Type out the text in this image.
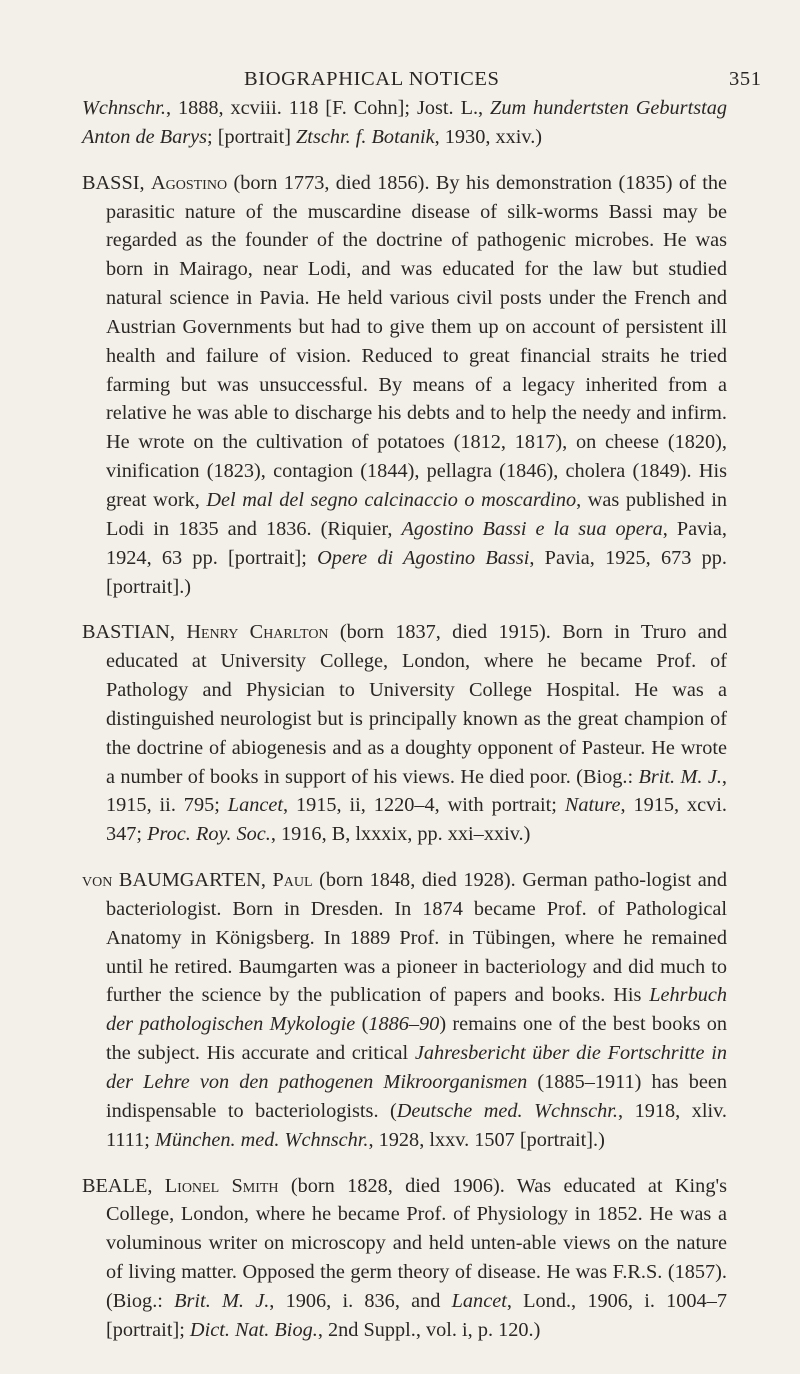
BIOGRAPHICAL NOTICES	351

Wchnschr., 1888, xcviii. 118 [F. Cohn]; Jost. L., Zum hundertsten Geburtstag Anton de Barys; [portrait] Ztschr. f. Botanik, 1930, xxiv.)

BASSI, Agostino (born 1773, died 1856). By his demonstration (1835) of the parasitic nature of the muscardine disease of silk-worms Bassi may be regarded as the founder of the doctrine of pathogenic microbes. He was born in Mairago, near Lodi, and was educated for the law but studied natural science in Pavia. He held various civil posts under the French and Austrian Governments but had to give them up on account of persistent ill health and failure of vision. Reduced to great financial straits he tried farming but was unsuccessful. By means of a legacy inherited from a relative he was able to discharge his debts and to help the needy and infirm. He wrote on the cultivation of potatoes (1812, 1817), on cheese (1820), vinification (1823), contagion (1844), pellagra (1846), cholera (1849). His great work, Del mal del segno calcinaccio o moscardino, was published in Lodi in 1835 and 1836. (Riquier, Agostino Bassi e la sua opera, Pavia, 1924, 63 pp. [portrait]; Opere di Agostino Bassi, Pavia, 1925, 673 pp. [portrait].)

BASTIAN, Henry Charlton (born 1837, died 1915). Born in Truro and educated at University College, London, where he became Prof. of Pathology and Physician to University College Hospital. He was a distinguished neurologist but is principally known as the great champion of the doctrine of abiogenesis and as a doughty opponent of Pasteur. He wrote a number of books in support of his views. He died poor. (Biog.: Brit. M. J., 1915, ii. 795; Lancet, 1915, ii, 1220–4, with portrait; Nature, 1915, xcvi. 347; Proc. Roy. Soc., 1916, B, lxxxix, pp. xxi–xxiv.)

von BAUMGARTEN, Paul (born 1848, died 1928). German patho-logist and bacteriologist. Born in Dresden. In 1874 became Prof. of Pathological Anatomy in Königsberg. In 1889 Prof. in Tübingen, where he remained until he retired. Baumgarten was a pioneer in bacteriology and did much to further the science by the publication of papers and books. His Lehrbuch der pathologischen Mykologie (1886–90) remains one of the best books on the subject. His accurate and critical Jahresbericht über die Fortschritte in der Lehre von den pathogenen Mikroorganismen (1885–1911) has been indispensable to bacteriologists. (Deutsche med. Wchnschr., 1918, xliv. 1111; München. med. Wchnschr., 1928, lxxv. 1507 [portrait].)

BEALE, Lionel Smith (born 1828, died 1906). Was educated at King's College, London, where he became Prof. of Physiology in 1852. He was a voluminous writer on microscopy and held unten-able views on the nature of living matter. Opposed the germ theory of disease. He was F.R.S. (1857). (Biog.: Brit. M. J., 1906, i. 836, and Lancet, Lond., 1906, i. 1004–7 [portrait]; Dict. Nat. Biog., 2nd Suppl., vol. i, p. 120.)
